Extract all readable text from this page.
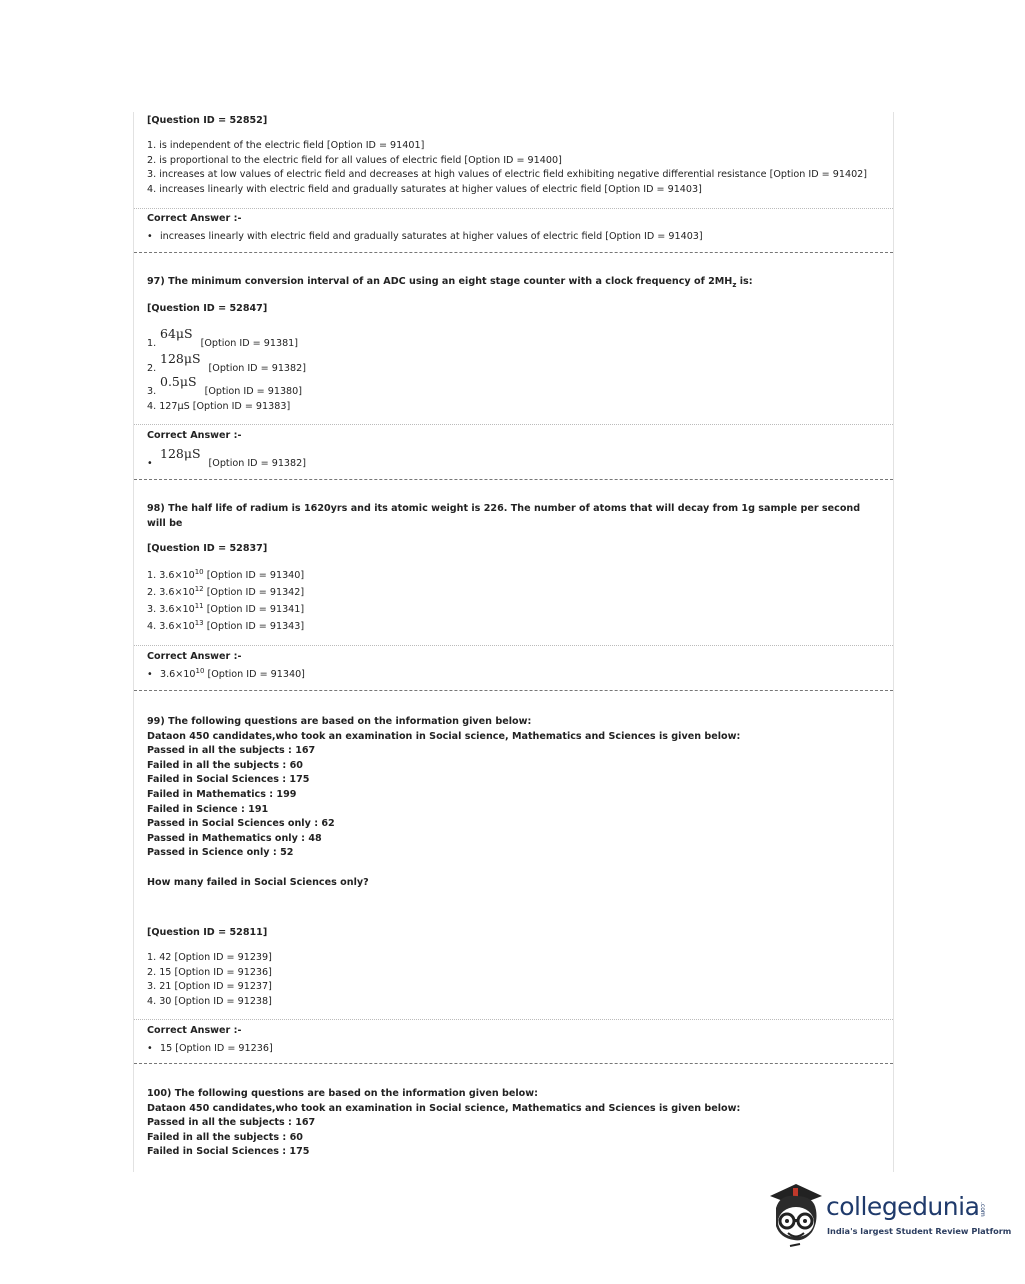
[Question ID = 52852]
1. is independent of the electric field [Option ID = 91401]
2. is proportional to the electric field for all values of electric field [Option ID = 91400]
3. increases at low values of electric field and decreases at high values of electric field exhibiting negative differential resistance [Option ID = 91402]
4. increases linearly with electric field and gradually saturates at higher values of electric field [Option ID = 91403]
Correct Answer :-
• increases linearly with electric field and gradually saturates at higher values of electric field [Option ID = 91403]
97) The minimum conversion interval of an ADC using an eight stage counter with a clock frequency of $2MH_z$ is:
[Question ID = 52847]
1.
64μS
[Option ID = 91381]
2.
128μS
[Option ID = 91382]
3.
0.5μS
[Option ID = 91380]
4. 127μS [Option ID = 91383]
Correct Answer :-
•
128μS
[Option ID = 91382]
98) The half life of radium is 1620yrs and its atomic weight is 226. The number of atoms that will decay from 1g sample per second will be
[Question ID = 52837]
1. $3.6\times 10^{10}$ [Option ID = 91340]
2. $3.6\times 10^{12}$ [Option ID = 91342]
3. $3.6\times 10^{11}$ [Option ID = 91341]
4. $3.6\times 10^{13}$ [Option ID = 91343]
Correct Answer :-
• $3.6\times 10^{10}$ [Option ID = 91340]
99) The following questions are based on the information given below:
Dataon 450 candidates,who took an examination in Social science, Mathematics and Sciences is given below:
Passed in all the subjects : 167
Failed in all the subjects : 60
Failed in Social Sciences : 175
Failed in Mathematics : 199
Failed in Science : 191
Passed in Social Sciences only : 62
Passed in Mathematics only : 48
Passed in Science only : 52
How many failed in Social Sciences only?
[Question ID = 52811]
1. 42 [Option ID = 91239]
2. 15 [Option ID = 91236]
3. 21 [Option ID = 91237]
4. 30 [Option ID = 91238]
Correct Answer :-
• 15 [Option ID = 91236]
100) The following questions are based on the information given below:
Dataon 450 candidates,who took an examination in Social science, Mathematics and Sciences is given below:
Passed in all the subjects : 167
Failed in all the subjects : 60
Failed in Social Sciences : 175
collegedunia .com
India's largest Student Review Platform
